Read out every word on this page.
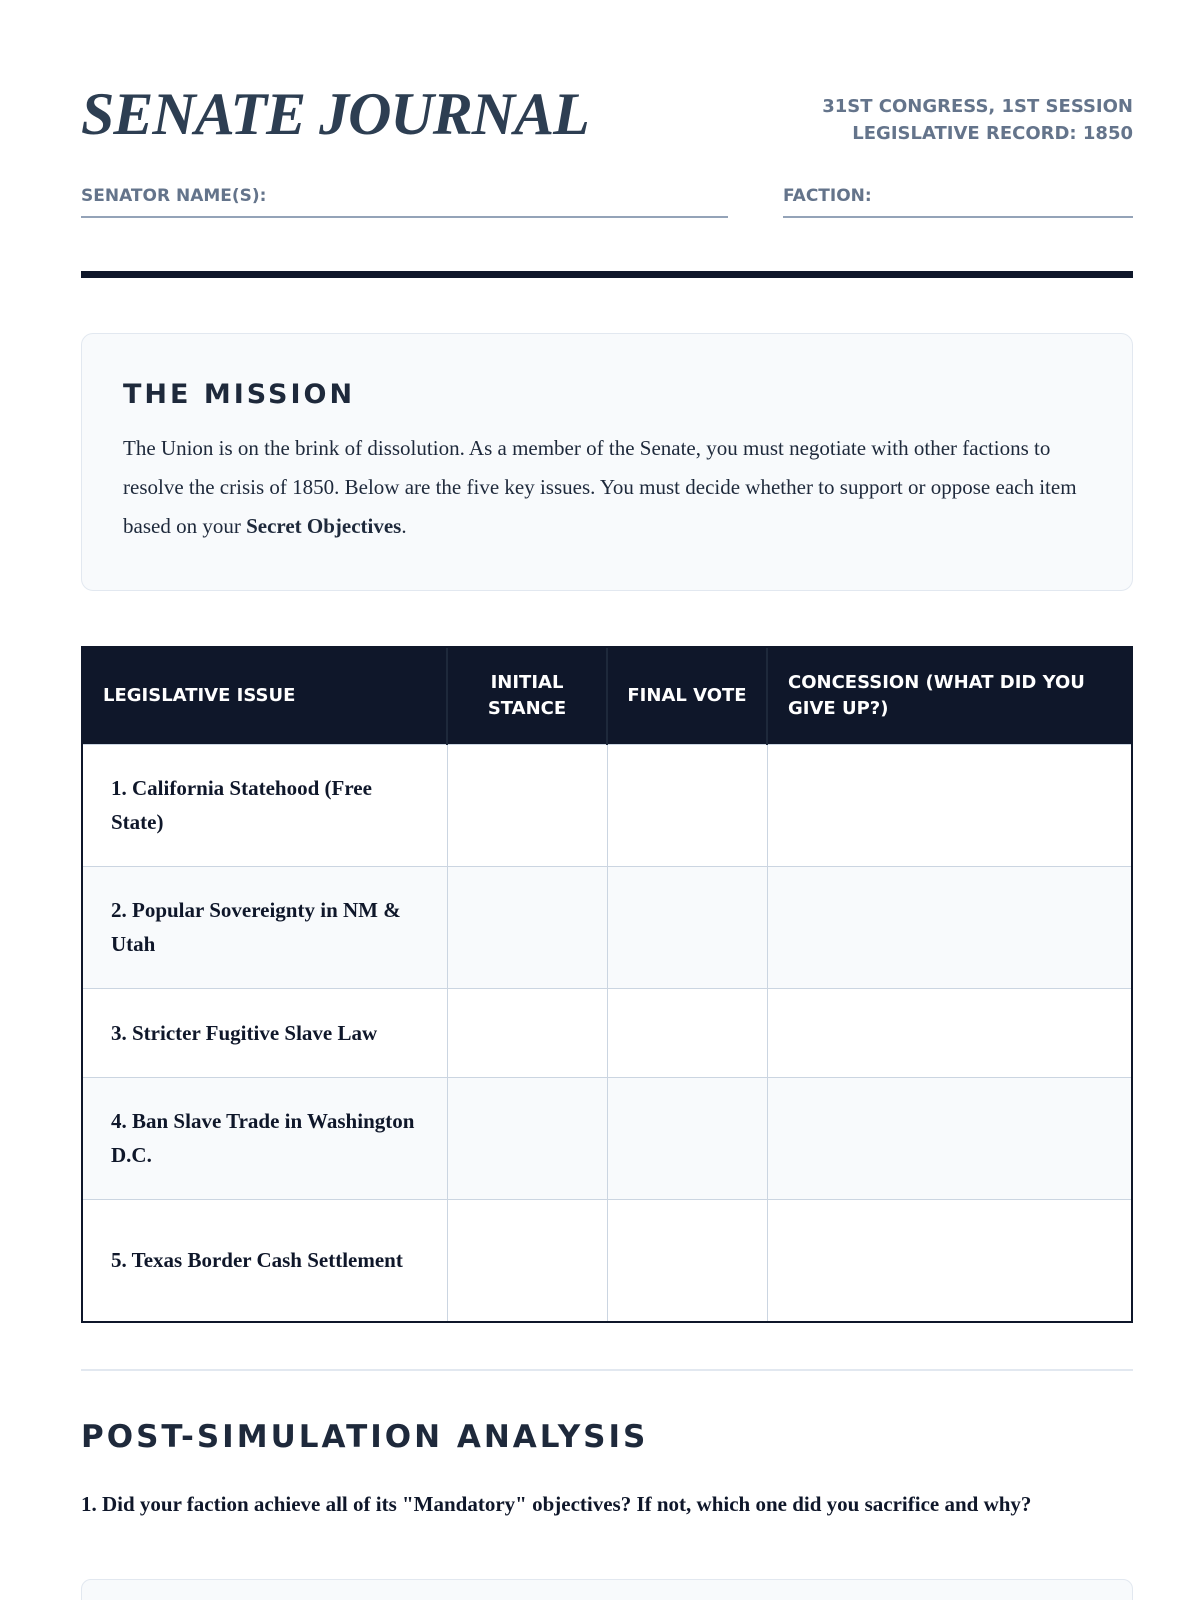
SENATE JOURNAL	31ST CONGRESS, 1ST SESSION
LEGISLATIVE RECORD: 1850
SENATOR NAME(S):	FACTION:
THE MISSION

The Union is on the brink of dissolution. As a member of the Senate, you must negotiate with other factions to resolve the crisis of 1850. Below are the five key issues. You must decide whether to support or oppose each item based on your Secret Objectives.

LEGISLATIVE ISSUE	INITIAL STANCE	FINAL VOTE	CONCESSION (WHAT DID YOU GIVE UP?)
1. California Statehood (Free State)			
2. Popular Sovereignty in NM & Utah			
3. Stricter Fugitive Slave Law			
4. Ban Slave Trade in Washington D.C.			
5. Texas Border Cash Settlement			
POST-SIMULATION ANALYSIS
1. Did your faction achieve all of its "Mandatory" objectives? If not, which one did you sacrifice and why?
